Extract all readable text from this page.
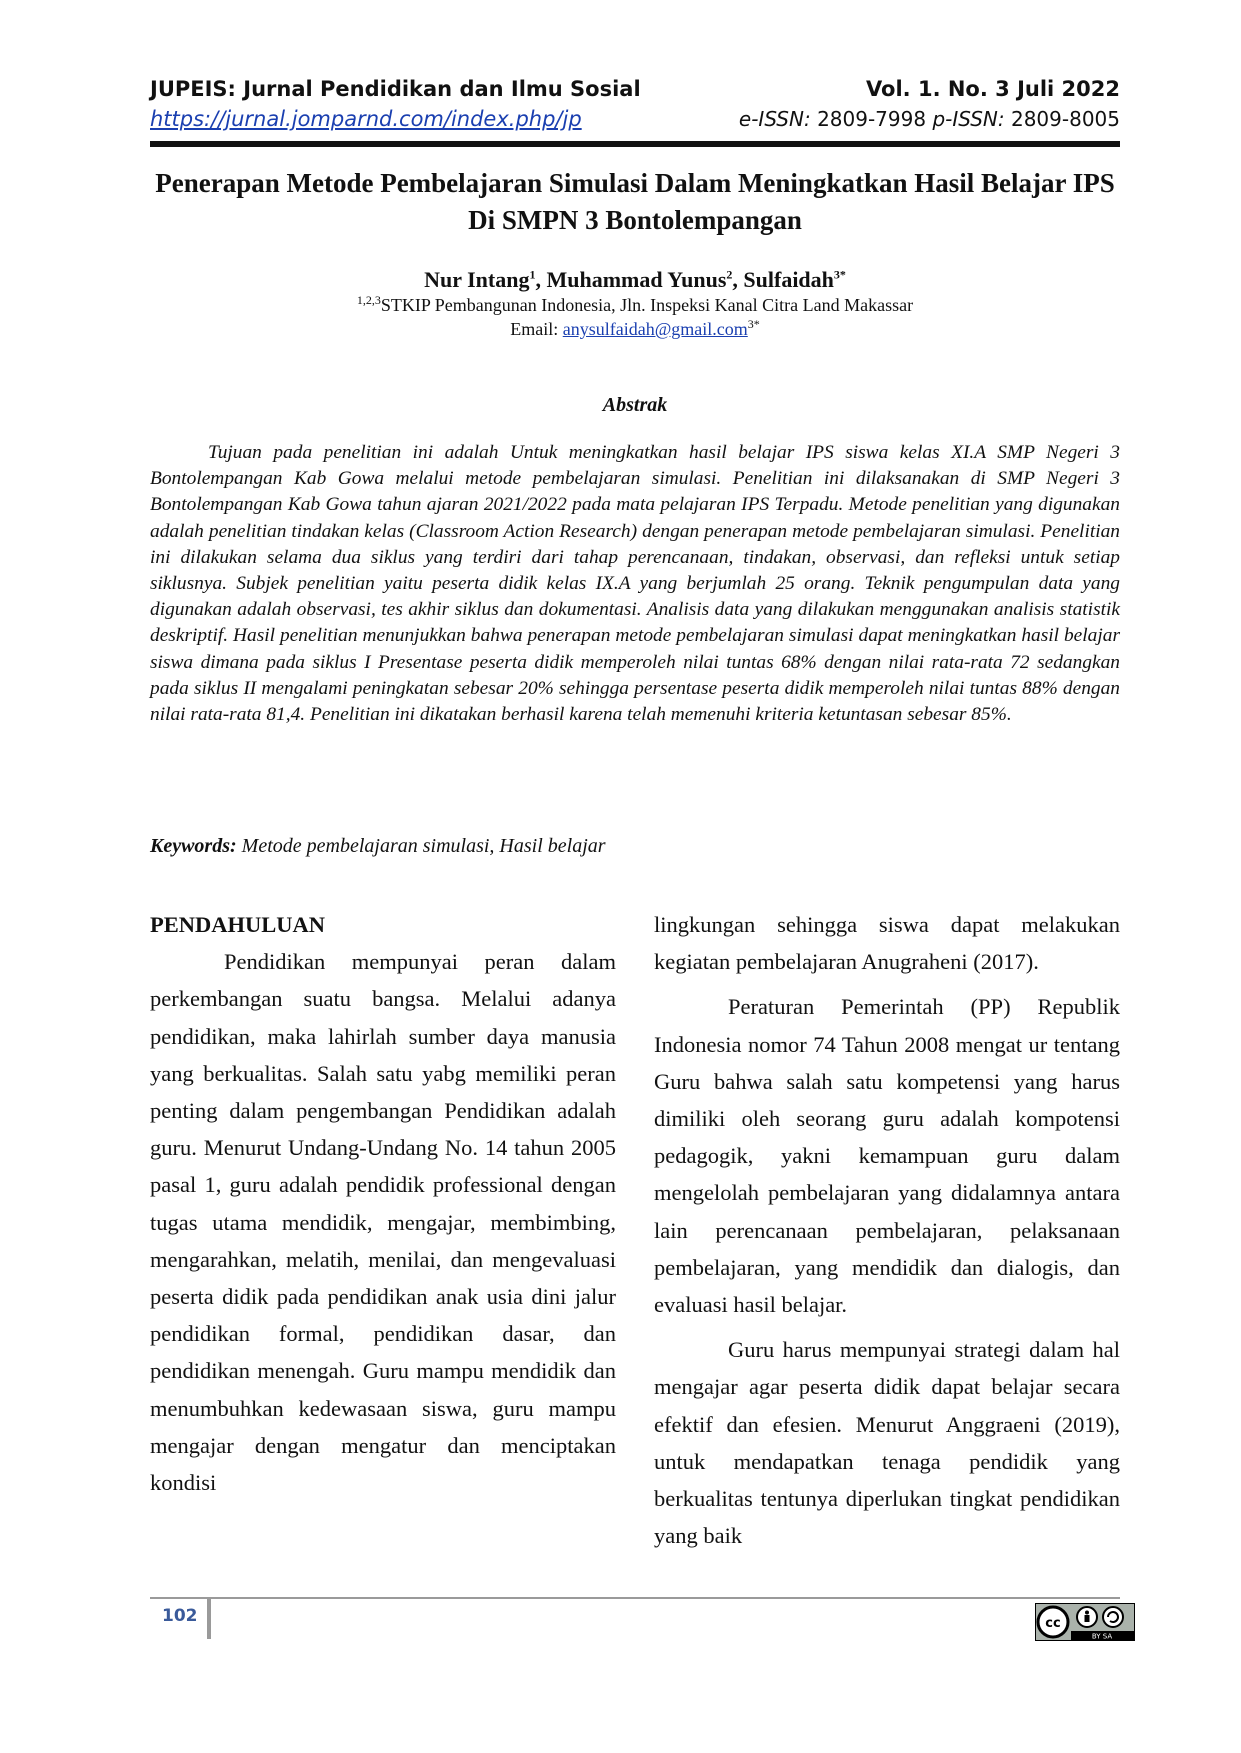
JUPEIS: Jurnal Pendidikan dan Ilmu Sosial
https://jurnal.jomparnd.com/index.php/jp
Vol. 1. No. 3 Juli 2022
e-ISSN: 2809-7998 p-ISSN: 2809-8005
Penerapan Metode Pembelajaran Simulasi Dalam Meningkatkan Hasil Belajar IPS Di SMPN 3 Bontolempangan
Nur Intang$^1$, Muhammad Yunus$^2$, Sulfaidah$^{3*}$
$^{1,2,3}$STKIP Pembangunan Indonesia, Jln. Inspeksi Kanal Citra Land Makassar
Email: anysulfaidah@gmail.com$^{3*}$
Abstrak

Tujuan pada penelitian ini adalah Untuk meningkatkan hasil belajar IPS siswa kelas XI.A SMP Negeri 3 Bontolempangan Kab Gowa melalui metode pembelajaran simulasi. Penelitian ini dilaksanakan di SMP Negeri 3 Bontolempangan Kab Gowa tahun ajaran 2021/2022 pada mata pelajaran IPS Terpadu. Metode penelitian yang digunakan adalah penelitian tindakan kelas (Classroom Action Research) dengan penerapan metode pembelajaran simulasi. Penelitian ini dilakukan selama dua siklus yang terdiri dari tahap perencanaan, tindakan, observasi, dan refleksi untuk setiap siklusnya. Subjek penelitian yaitu peserta didik kelas IX.A yang berjumlah 25 orang. Teknik pengumpulan data yang digunakan adalah observasi, tes akhir siklus dan dokumentasi. Analisis data yang dilakukan menggunakan analisis statistik deskriptif. Hasil penelitian menunjukkan bahwa penerapan metode pembelajaran simulasi dapat meningkatkan hasil belajar siswa dimana pada siklus I Presentase peserta didik memperoleh nilai tuntas 68% dengan nilai rata-rata 72 sedangkan pada siklus II mengalami peningkatan sebesar 20% sehingga persentase peserta didik memperoleh nilai tuntas 88% dengan nilai rata-rata 81,4. Penelitian ini dikatakan berhasil karena telah memenuhi kriteria ketuntasan sebesar 85%.

Keywords: Metode pembelajaran simulasi, Hasil belajar

PENDAHULUAN

Pendidikan mempunyai peran dalam perkembangan suatu bangsa. Melalui adanya pendidikan, maka lahirlah sumber daya manusia yang berkualitas. Salah satu yabg memiliki peran penting dalam pengembangan Pendidikan adalah guru. Menurut Undang-Undang No. 14 tahun 2005 pasal 1, guru adalah pendidik professional dengan tugas utama mendidik, mengajar, membimbing, mengarahkan, melatih, menilai, dan mengevaluasi peserta didik pada pendidikan anak usia dini jalur pendidikan formal, pendidikan dasar, dan pendidikan menengah. Guru mampu mendidik dan menumbuhkan kedewasaan siswa, guru mampu mengajar dengan mengatur dan menciptakan kondisi

lingkungan sehingga siswa dapat melakukan kegiatan pembelajaran Anugraheni (2017).

Peraturan Pemerintah (PP) Republik Indonesia nomor 74 Tahun 2008 mengat ur tentang Guru bahwa salah satu kompetensi yang harus dimiliki oleh seorang guru adalah kompotensi pedagogik, yakni kemampuan guru dalam mengelolah pembelajaran yang didalamnya antara lain perencanaan pembelajaran, pelaksanaan pembelajaran, yang mendidik dan dialogis, dan evaluasi hasil belajar.

Guru harus mempunyai strategi dalam hal mengajar agar peserta didik dapat belajar secara efektif dan efesien. Menurut Anggraeni (2019), untuk mendapatkan tenaga pendidik yang berkualitas tentunya diperlukan tingkat pendidikan yang baik

102	cc
BY SA
